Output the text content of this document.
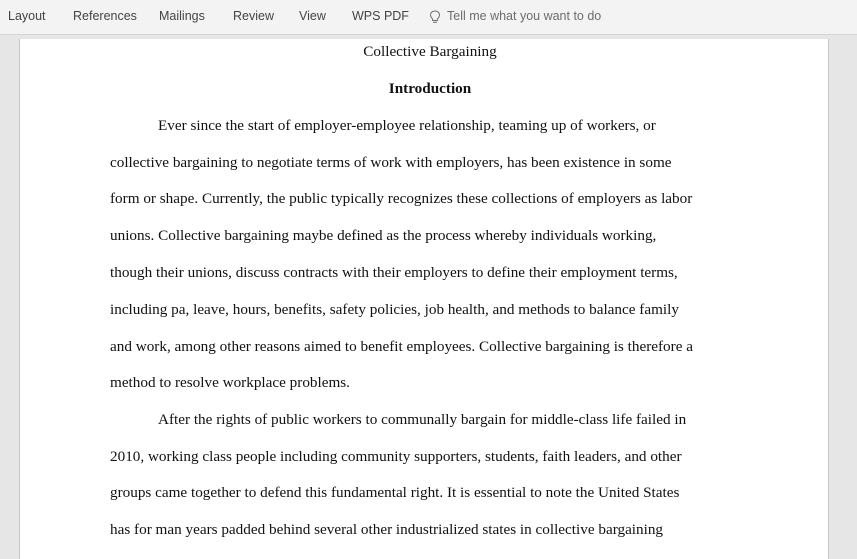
Layout References Mailings Review View WPS PDF	Tell me what you want to do
Collective Bargaining
Introduction
Ever since the start of employer-employee relationship, teaming up of workers, or
collective bargaining to negotiate terms of work with employers, has been existence in some
form or shape. Currently, the public typically recognizes these collections of employers as labor
unions. Collective bargaining maybe defined as the process whereby individuals working,
though their unions, discuss contracts with their employers to define their employment terms,
including pa, leave, hours, benefits, safety policies, job health, and methods to balance family
and work, among other reasons aimed to benefit employees. Collective bargaining is therefore a
method to resolve workplace problems.
After the rights of public workers to communally bargain for middle-class life failed in
2010, working class people including community supporters, students, faith leaders, and other
groups came together to defend this fundamental right. It is essential to note the United States
has for man years padded behind several other industrialized states in collective bargaining
